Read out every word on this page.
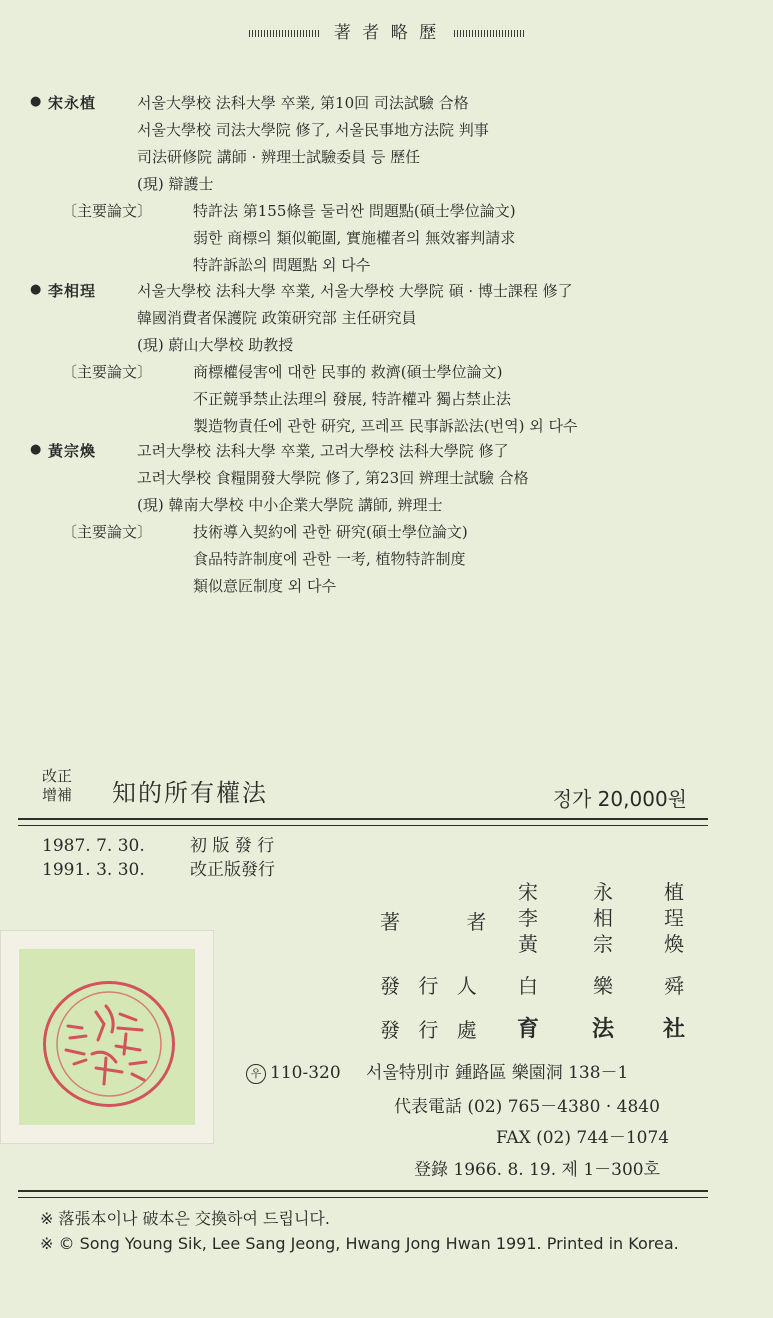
著 者 略 歷
● 宋永植	서울大學校 法科大學 卒業, 第10回 司法試驗 合格
서울大學校 司法大學院 修了, 서울民事地方法院 判事
司法研修院 講師 · 辨理士試驗委員 등 歷任
(現) 辯護士
〔主要論文〕	特許法 第155條를 둘러싼 問題點(碩士學位論文)
弱한 商標의 類似範圍, 實施權者의 無效審判請求
特許訴訟의 問題點 외 다수
● 李相珵	서울大學校 法科大學 卒業, 서울大學校 大學院 碩 · 博士課程 修了
韓國消費者保護院 政策研究部 主任研究員
(現) 蔚山大學校 助教授
〔主要論文〕	商標權侵害에 대한 民事的 救濟(碩士學位論文)
不正競爭禁止法理의 發展, 特許權과 獨占禁止法
製造物責任에 관한 研究, 프레프 民事訴訟法(번역) 외 다수
● 黃宗煥	고려大學校 法科大學 卒業, 고려大學校 法科大學院 修了
고려大學校 食糧開發大學院 修了, 第23回 辨理士試驗 合格
(現) 韓南大學校 中小企業大學院 講師, 辨理士
〔主要論文〕	技術導入契約에 관한 研究(碩士學位論文)
食品特許制度에 관한 一考, 植物特許制度
類似意匠制度 외 다수
改正
增補 知的所有權法	정가 20,000원
1987. 7. 30.	初 版 發 行
1991. 3. 30.	改正版發行
著 者
宋	永	植
李	相	珵
黃	宗	煥
發 行 人	白	樂	舜
發 行 處	育	法	社
우 110-320 서울特別市 鍾路區 樂園洞 138－1
代表電話 (02) 765－4380 · 4840
FAX (02) 744－1074
登錄 1966. 8. 19. 제 1－300호
※ 落張本이나 破本은 交換하여 드립니다.
※ © Song Young Sik, Lee Sang Jeong, Hwang Jong Hwan 1991. Printed in Korea.
